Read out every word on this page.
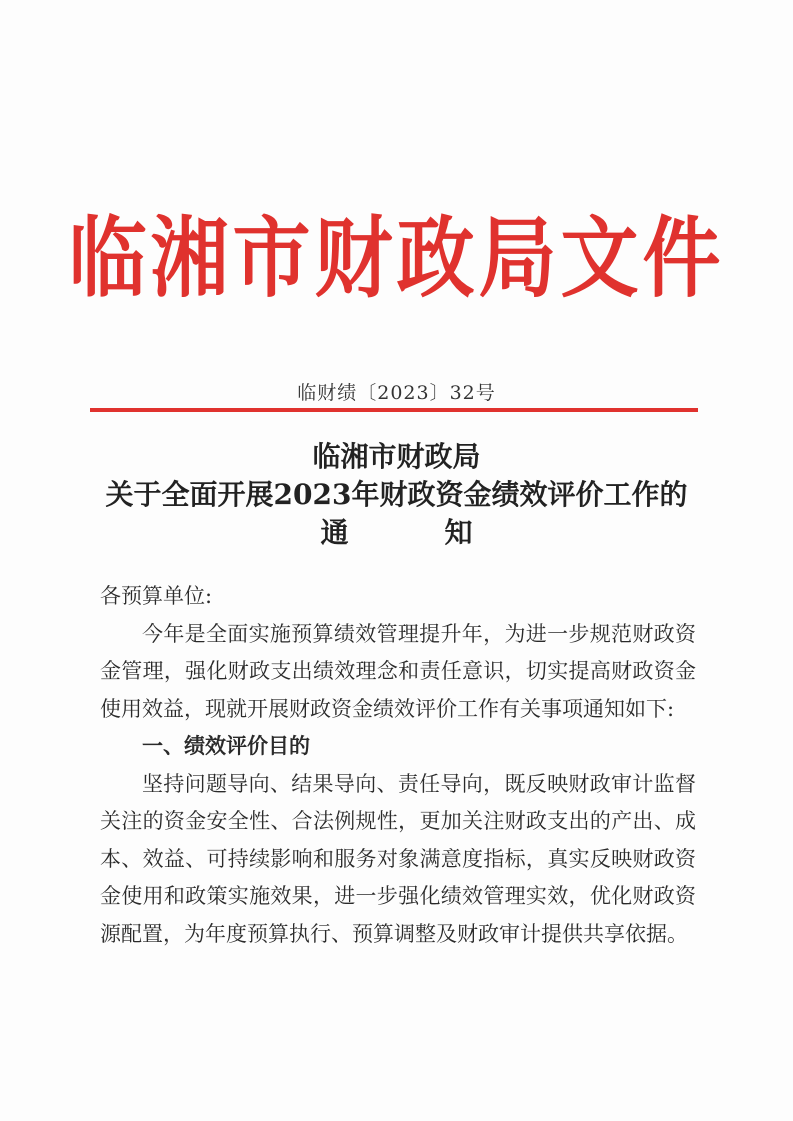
临湘市财政局文件
临财绩〔2023〕32号
临湘市财政局
关于全面开展2023年财政资金绩效评价工作的
通知

各预算单位:

今年是全面实施预算绩效管理提升年，为进一步规范财政资金管理，强化财政支出绩效理念和责任意识，切实提高财政资金使用效益，现就开展财政资金绩效评价工作有关事项通知如下:

一、绩效评价目的

坚持问题导向、结果导向、责任导向，既反映财政审计监督关注的资金安全性、合法例规性，更加关注财政支出的产出、成本、效益、可持续影响和服务对象满意度指标，真实反映财政资金使用和政策实施效果，进一步强化绩效管理实效，优化财政资源配置，为年度预算执行、预算调整及财政审计提供共享依据。
